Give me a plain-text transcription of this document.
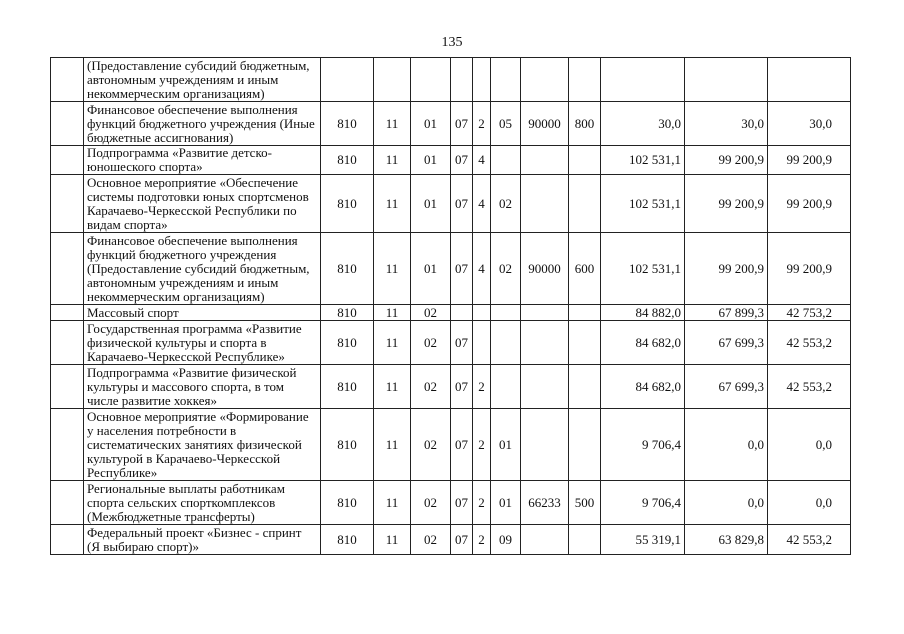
135
	(Предоставление субсидий бюджетным, автономным учреждениям и иным некоммерческим организациям)											
	Финансовое обеспечение выполнения функций бюджетного учреждения (Иные бюджетные ассигнования)	810	11	01	07	2	05	90000	800	30,0	30,0	30,0
	Подпрограмма «Развитие детско-юношеского спорта»	810	11	01	07	4				102 531,1	99 200,9	99 200,9
	Основное мероприятие «Обеспечение системы подготовки юных спортсменов Карачаево-Черкесской Республики по видам спорта»	810	11	01	07	4	02			102 531,1	99 200,9	99 200,9
	Финансовое обеспечение выполнения функций бюджетного учреждения (Предоставление субсидий бюджетным, автономным учреждениям и иным некоммерческим организациям)	810	11	01	07	4	02	90000	600	102 531,1	99 200,9	99 200,9
	Массовый спорт	810	11	02						84 882,0	67 899,3	42 753,2
	Государственная программа «Развитие физической культуры и спорта в Карачаево-Черкесской Республике»	810	11	02	07					84 682,0	67 699,3	42 553,2
	Подпрограмма «Развитие физической культуры и массового спорта, в том числе развитие хоккея»	810	11	02	07	2				84 682,0	67 699,3	42 553,2
	Основное мероприятие «Формирование у населения потребности в систематических занятиях физической культурой в Карачаево-Черкесской Республике»	810	11	02	07	2	01			9 706,4	0,0	0,0
	Региональные выплаты работникам спорта сельских спорткомплексов (Межбюджетные трансферты)	810	11	02	07	2	01	66233	500	9 706,4	0,0	0,0
	Федеральный проект «Бизнес - спринт (Я выбираю спорт)»	810	11	02	07	2	09			55 319,1	63 829,8	42 553,2
